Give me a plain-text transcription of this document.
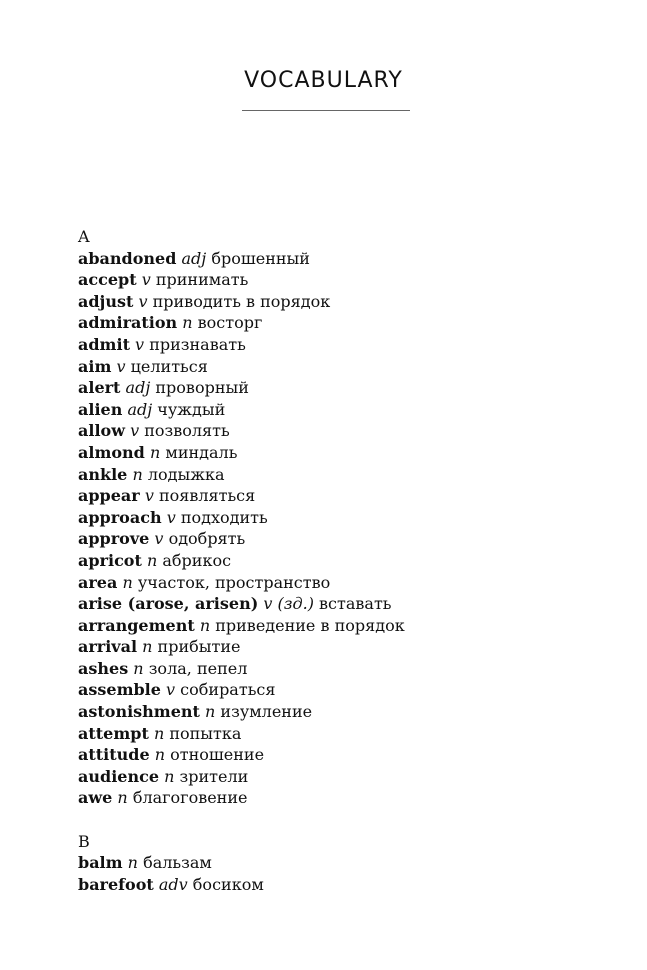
VOCABULARY
A
abandoned adj брошенный
accept v принимать
adjust v приводить в порядок
admiration n восторг
admit v признавать
aim v целиться
alert adj проворный
alien adj чуждый
allow v позволять
almond n миндаль
ankle n лодыжка
appear v появляться
approach v подходить
approve v одобрять
apricot n абрикос
area n участок, пространство
arise (arose, arisen) v (зд.) вставать
arrangement n приведение в порядок
arrival n прибытие
ashes n зола, пепел
assemble v собираться
astonishment n изумление
attempt n попытка
attitude n отношение
audience n зрители
awe n благоговение
B
balm n бальзам
barefoot adv босиком
